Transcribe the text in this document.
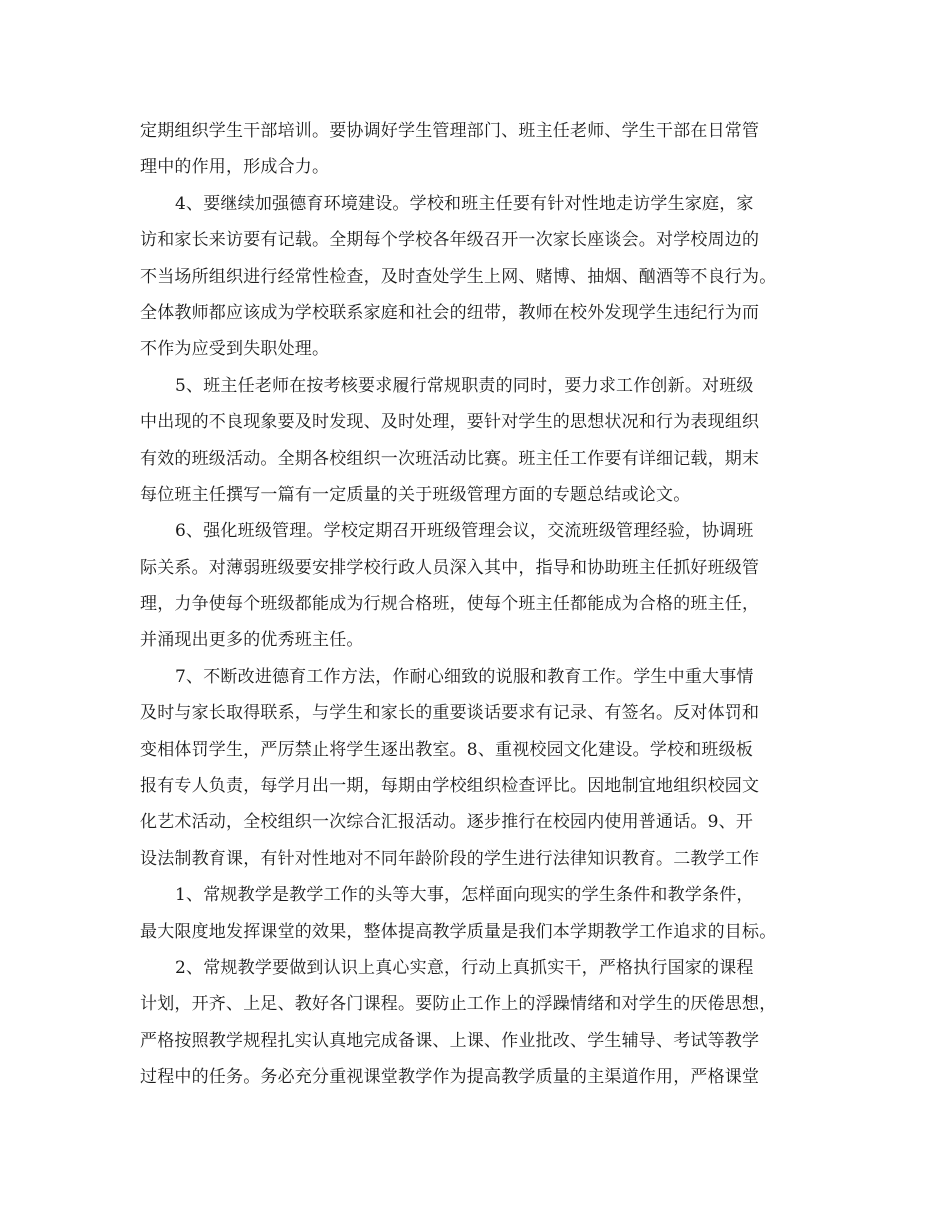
定期组织学生干部培训。要协调好学生管理部门、班主任老师、学生干部在日常管
理中的作用，形成合力。
4、要继续加强德育环境建设。学校和班主任要有针对性地走访学生家庭，家
访和家长来访要有记载。全期每个学校各年级召开一次家长座谈会。对学校周边的
不当场所组织进行经常性检查，及时查处学生上网、赌博、抽烟、酗酒等不良行为。
全体教师都应该成为学校联系家庭和社会的纽带，教师在校外发现学生违纪行为而
不作为应受到失职处理。
5、班主任老师在按考核要求履行常规职责的同时，要力求工作创新。对班级
中出现的不良现象要及时发现、及时处理，要针对学生的思想状况和行为表现组织
有效的班级活动。全期各校组织一次班活动比赛。班主任工作要有详细记载，期末
每位班主任撰写一篇有一定质量的关于班级管理方面的专题总结或论文。
6、强化班级管理。学校定期召开班级管理会议，交流班级管理经验，协调班
际关系。对薄弱班级要安排学校行政人员深入其中，指导和协助班主任抓好班级管
理，力争使每个班级都能成为行规合格班，使每个班主任都能成为合格的班主任，
并涌现出更多的优秀班主任。
7、不断改进德育工作方法，作耐心细致的说服和教育工作。学生中重大事情
及时与家长取得联系，与学生和家长的重要谈话要求有记录、有签名。反对体罚和
变相体罚学生，严厉禁止将学生逐出教室。8、重视校园文化建设。学校和班级板
报有专人负责，每学月出一期，每期由学校组织检查评比。因地制宜地组织校园文
化艺术活动，全校组织一次综合汇报活动。逐步推行在校园内使用普通话。9、开
设法制教育课，有针对性地对不同年龄阶段的学生进行法律知识教育。二教学工作
1、常规教学是教学工作的头等大事，怎样面向现实的学生条件和教学条件，
最大限度地发挥课堂的效果，整体提高教学质量是我们本学期教学工作追求的目标。
2、常规教学要做到认识上真心实意，行动上真抓实干，严格执行国家的课程
计划，开齐、上足、教好各门课程。要防止工作上的浮躁情绪和对学生的厌倦思想，
严格按照教学规程扎实认真地完成备课、上课、作业批改、学生辅导、考试等教学
过程中的任务。务必充分重视课堂教学作为提高教学质量的主渠道作用，严格课堂
